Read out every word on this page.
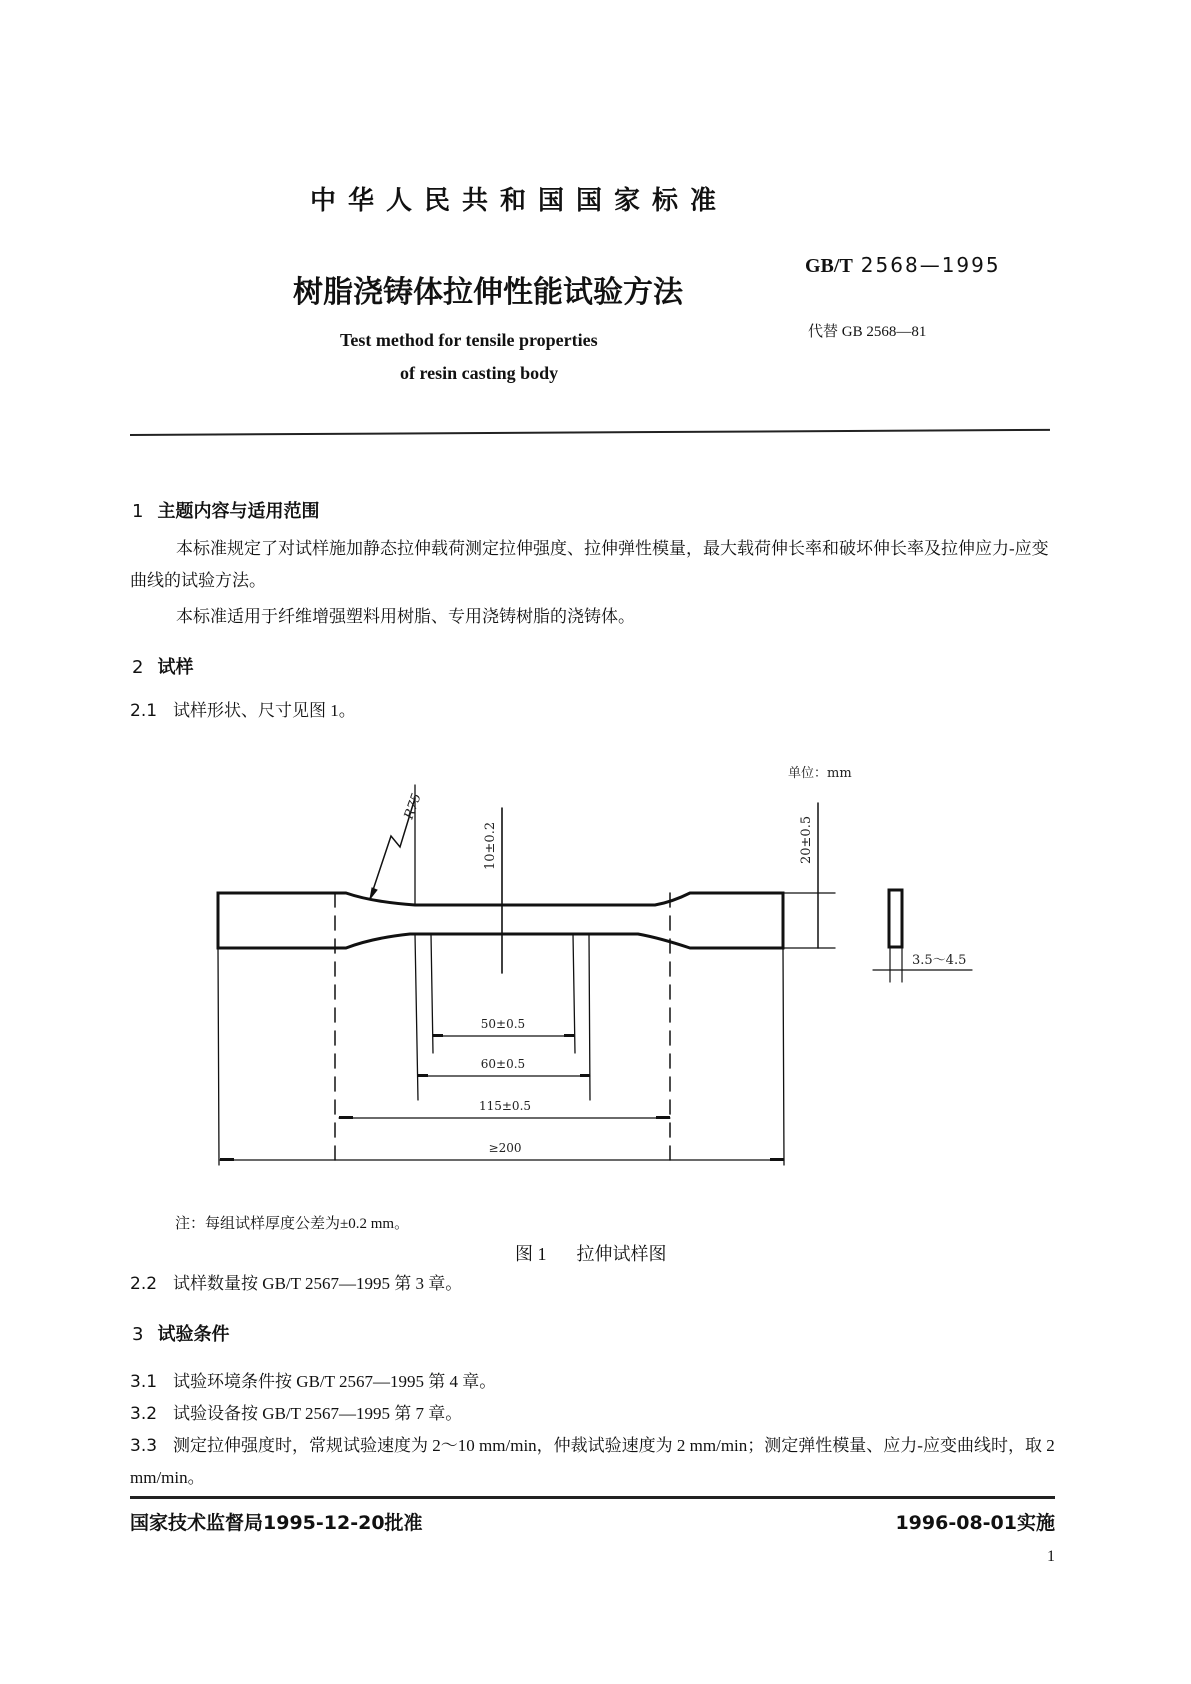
中华人民共和国国家标准
树脂浇铸体拉伸性能试验方法
Test method for tensile properties
of resin casting body
GB/T 2568—1995
代替 GB 2568—81
1 主题内容与适用范围
本标准规定了对试样施加静态拉伸载荷测定拉伸强度、拉伸弹性模量，最大载荷伸长率和破坏伸长率及拉伸应力-应变曲线的试验方法。
本标准适用于纤维增强塑料用树脂、专用浇铸树脂的浇铸体。
2 试样
2.1 试样形状、尺寸见图 1。
单位：mm
R75
10±0.2	20±0.5
3.5～4.5
50±0.5
60±0.5
115±0.5
≥200
注：每组试样厚度公差为±0.2 mm。
图 1 拉伸试样图
2.2 试样数量按 GB/T 2567—1995 第 3 章。
3 试验条件
3.1 试验环境条件按 GB/T 2567—1995 第 4 章。
3.2 试验设备按 GB/T 2567—1995 第 7 章。
3.3 测定拉伸强度时，常规试验速度为 2～10 mm/min，仲裁试验速度为 2 mm/min；测定弹性模量、应力-应变曲线时，取 2 mm/min。
国家技术监督局1995-12-20批准	1996-08-01实施
1
